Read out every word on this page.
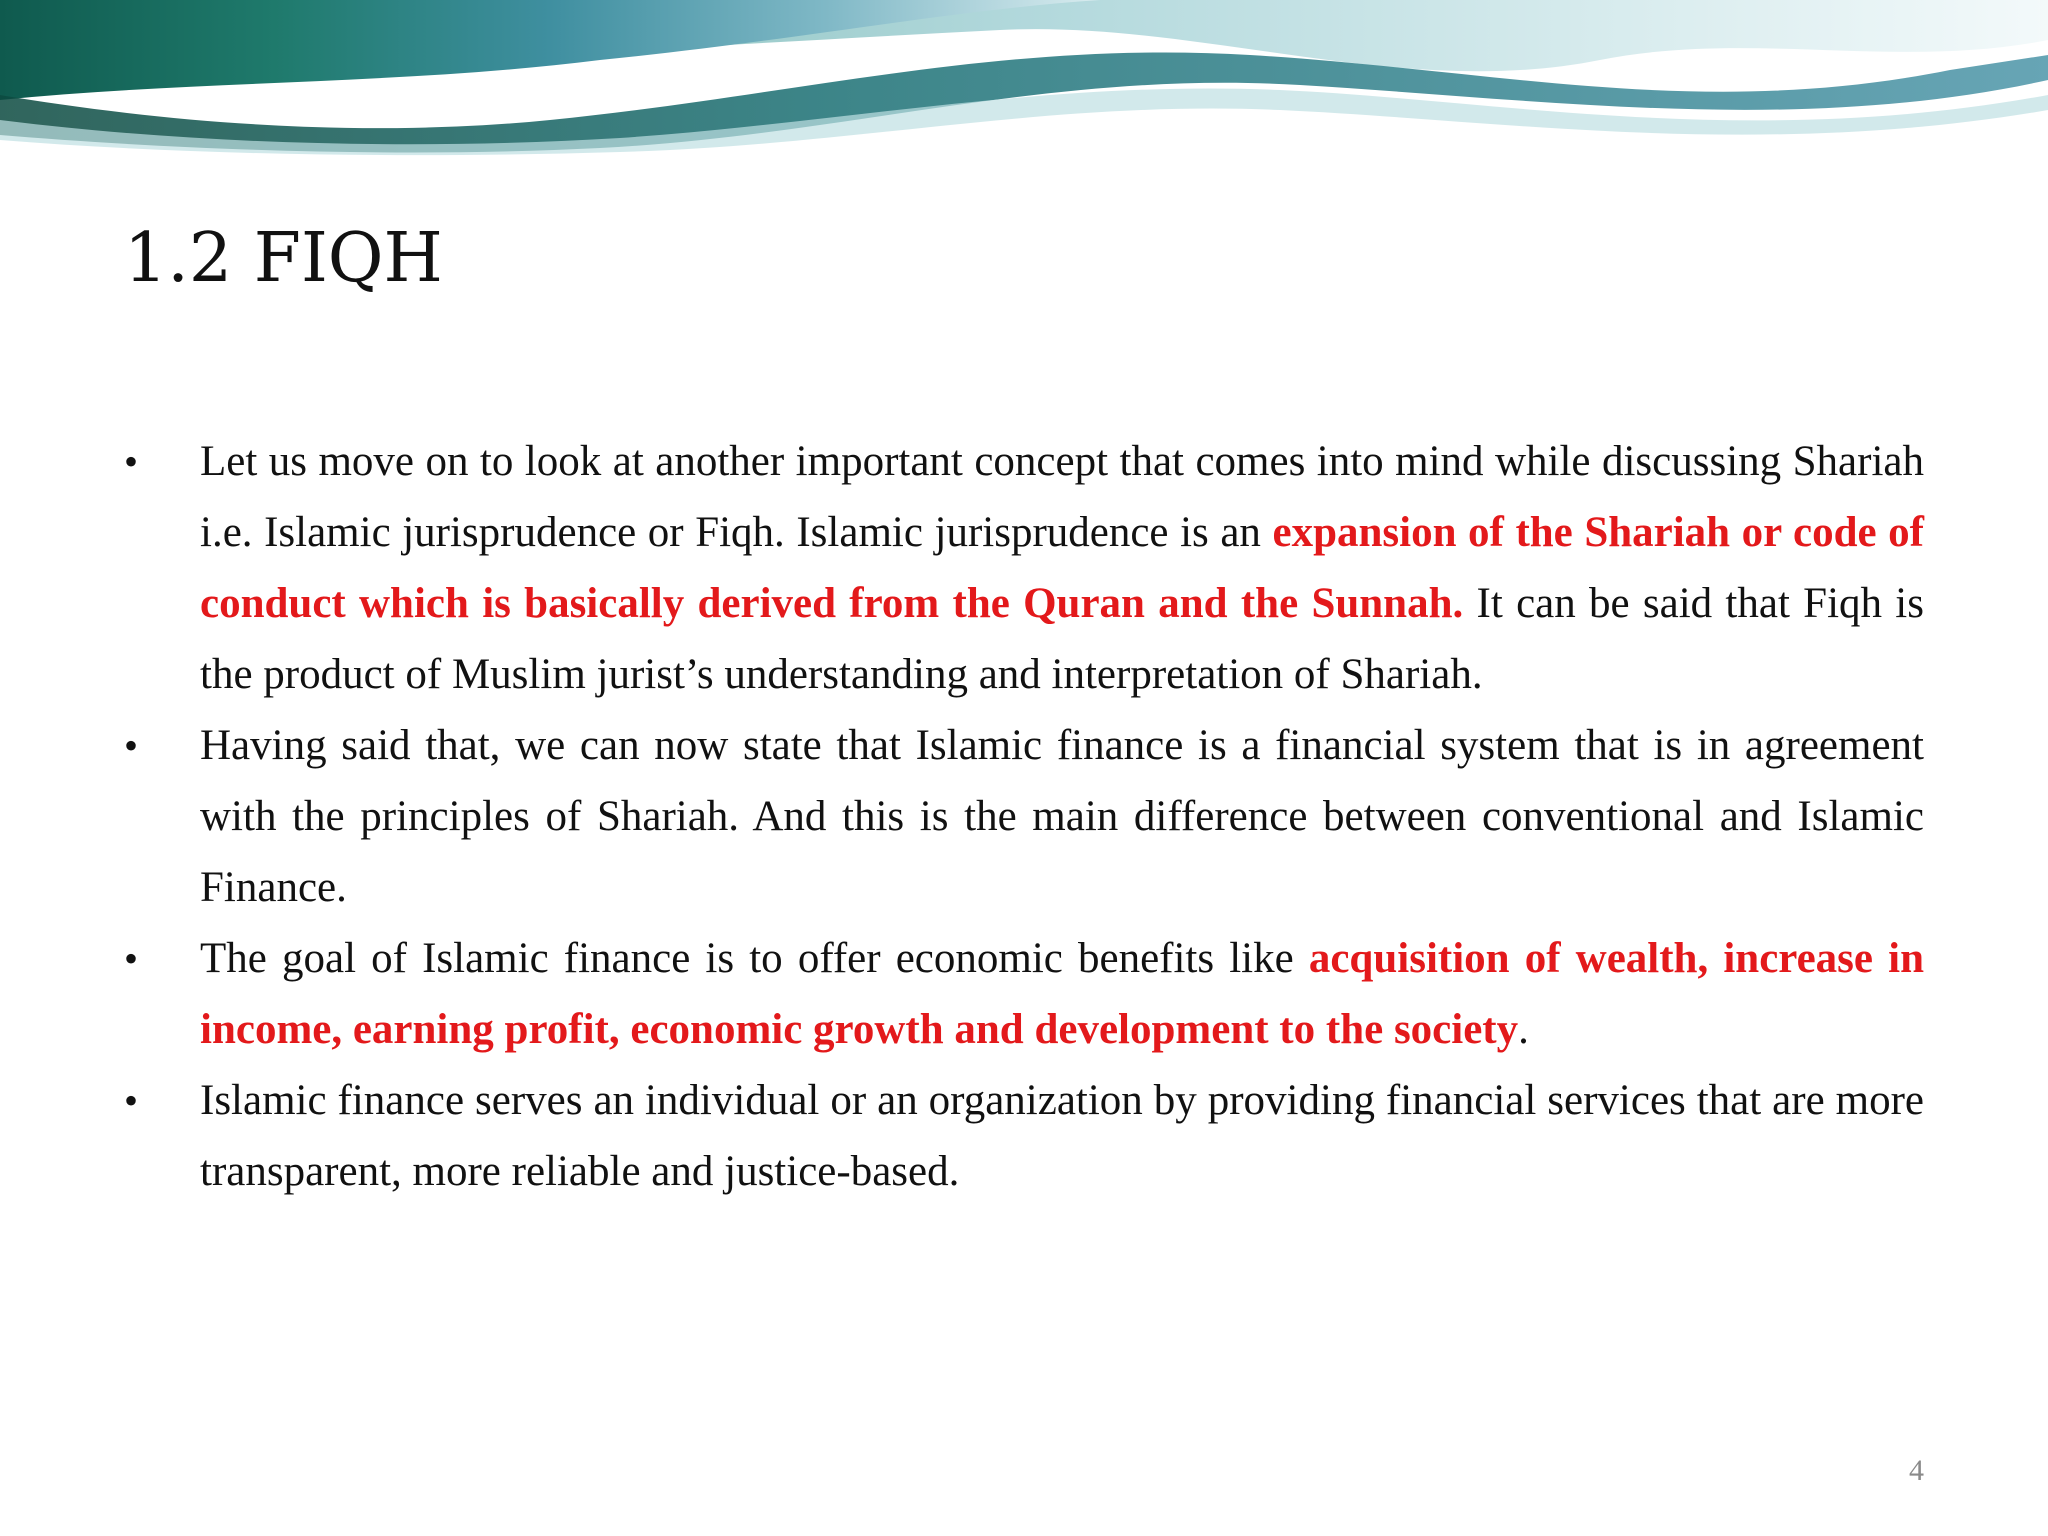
1.2 FIQH
•	Let us move on to look at another important concept that comes into mind while discussing Shariah i.e. Islamic jurisprudence or Fiqh. Islamic jurisprudence is an expansion of the Shariah or code of conduct which is basically derived from the Quran and the Sunnah. It can be said that Fiqh is the product of Muslim jurist’s understanding and interpretation of Shariah.
•	Having said that, we can now state that Islamic finance is a financial system that is in agreement with the principles of Shariah. And this is the main difference between conventional and Islamic Finance.
•	The goal of Islamic finance is to offer economic benefits like acquisition of wealth, increase in income, earning profit, economic growth and development to the society.
•	Islamic finance serves an individual or an organization by providing financial services that are more transparent, more reliable and justice-based.
4
